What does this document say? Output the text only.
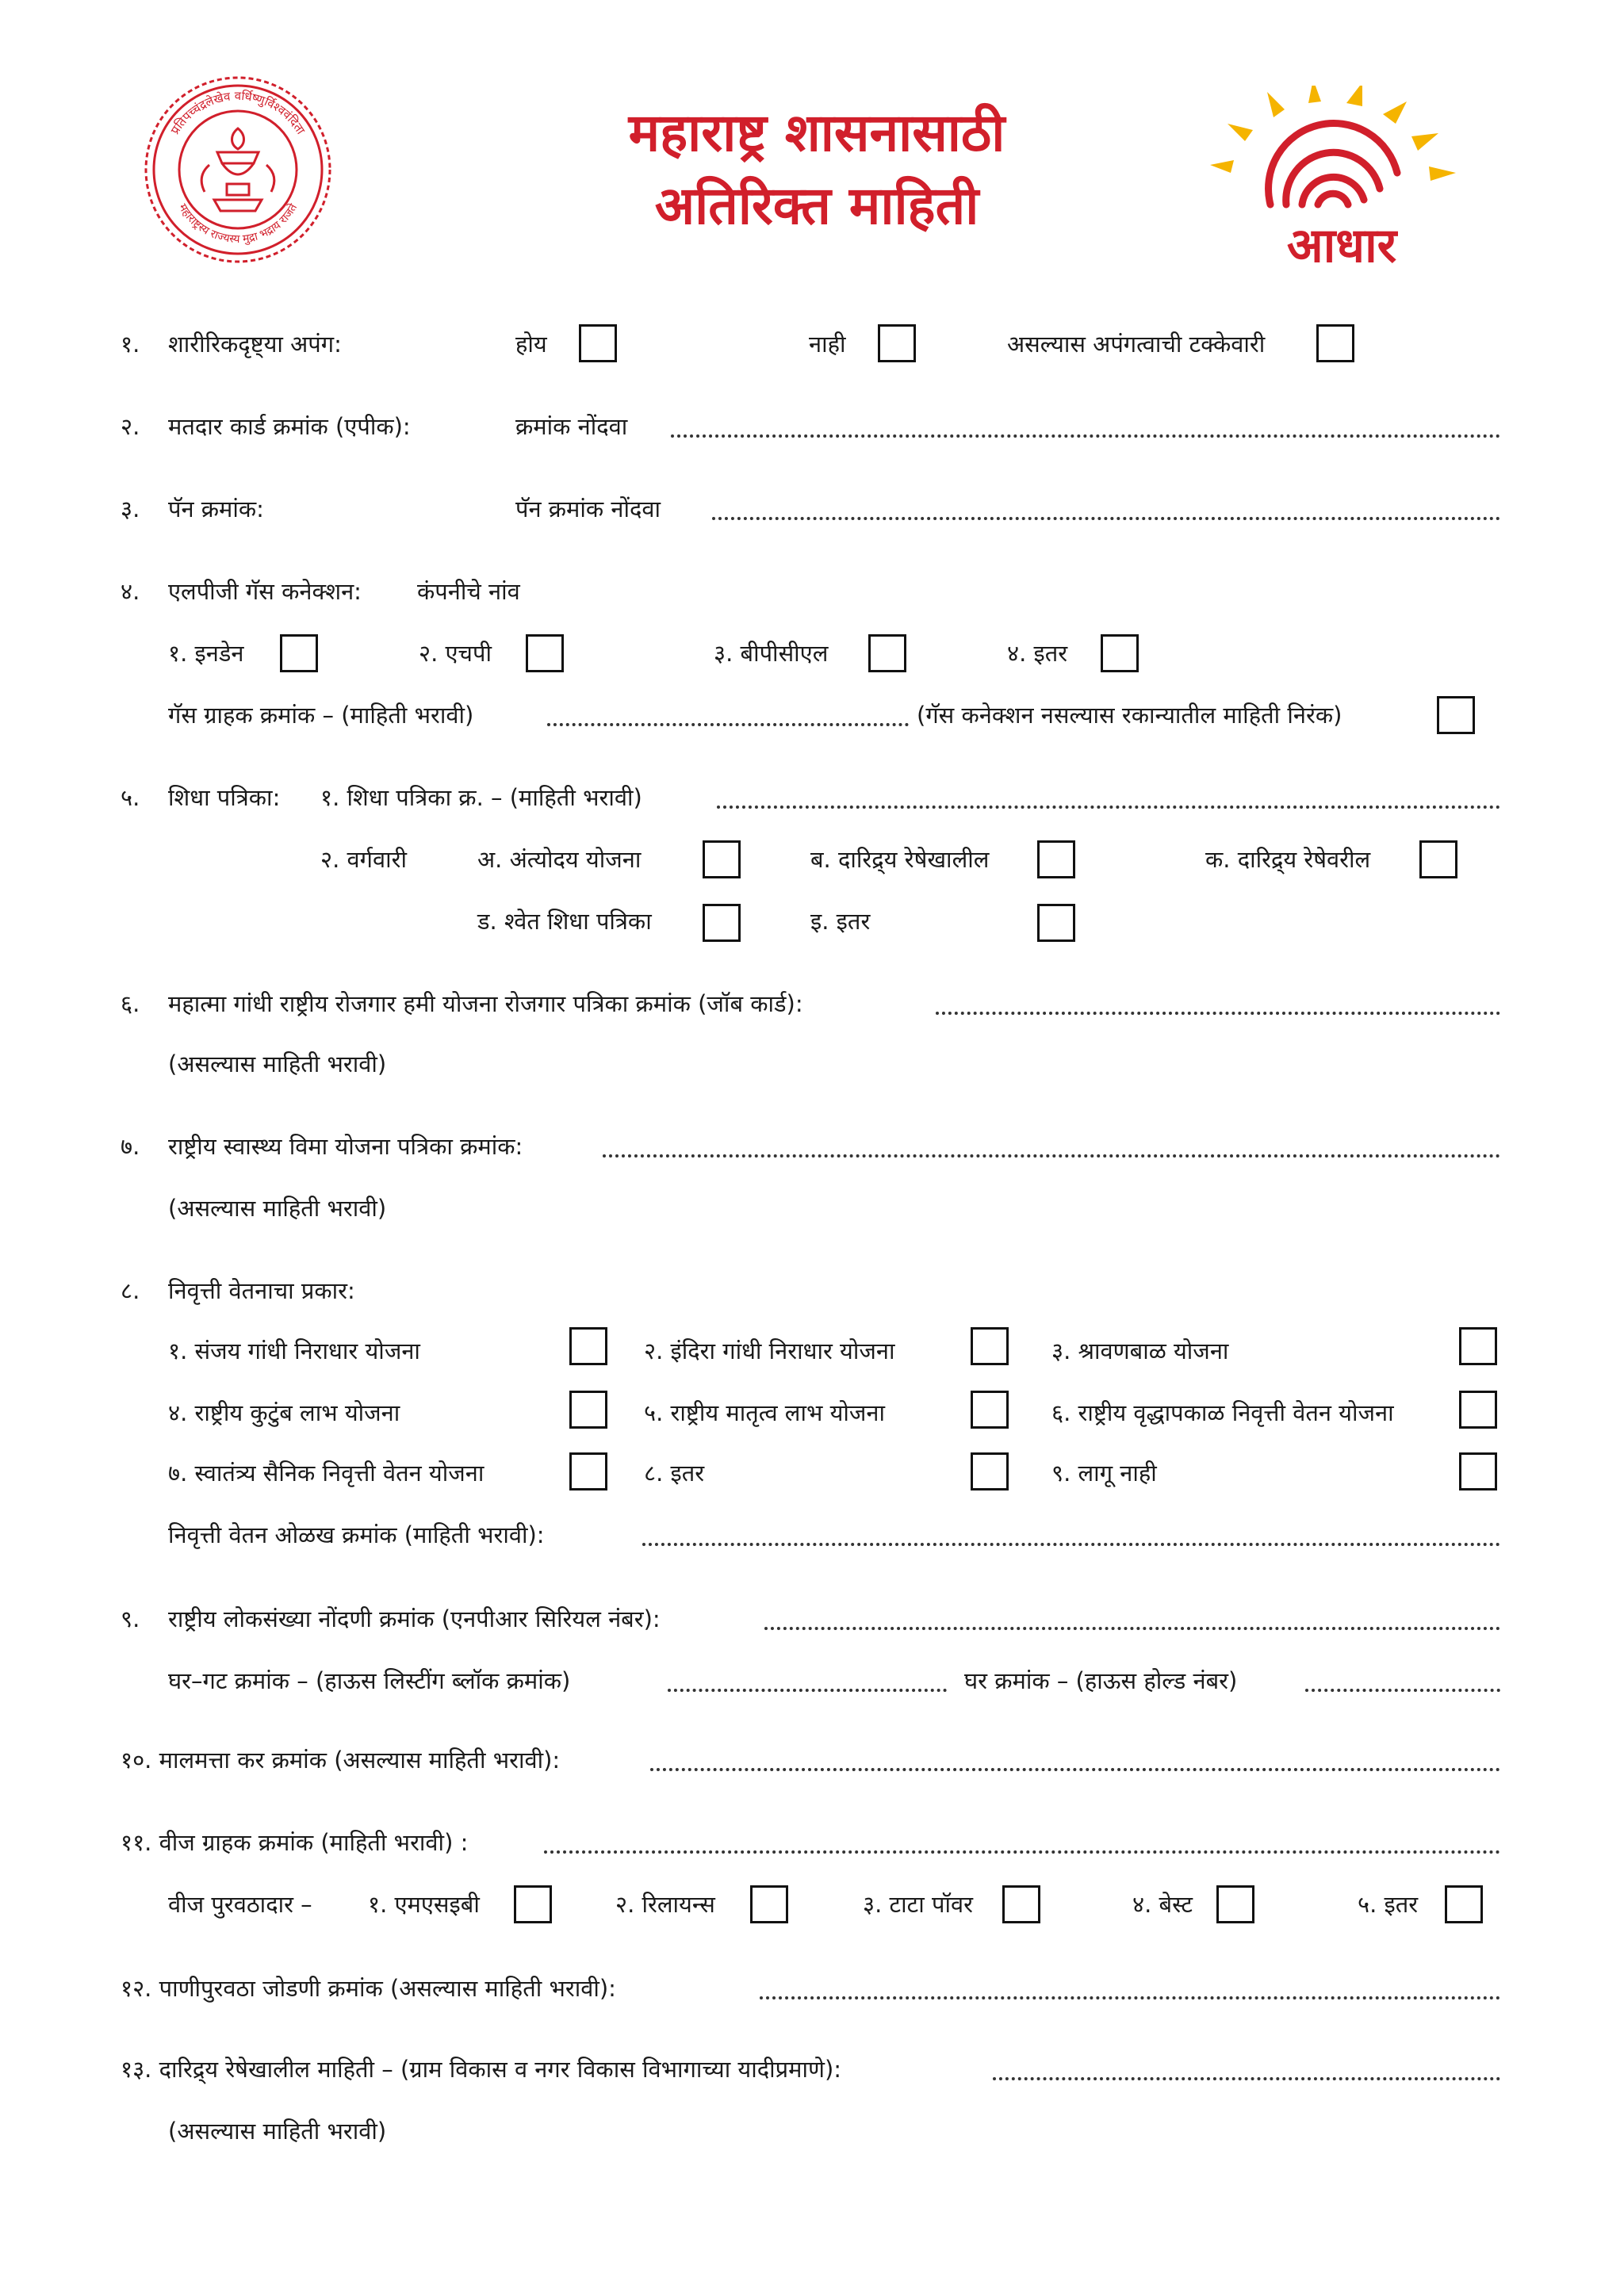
प्रतिपच्चंद्रलेखेव वर्धिष्णुर्विश्ववंदिता
महाराष्ट्रस्य राज्यस्य मुद्रा भद्राय राजते
महाराष्ट्र शासनासाठी
अतिरिक्त माहिती
आधार
१. शारीरिकदृष्ट्या अपंग:	होय	नाही	असल्यास अपंगत्वाची टक्केवारी
२. मतदार कार्ड क्रमांक (एपीक):	क्रमांक नोंदवा
३. पॅन क्रमांक:	पॅन क्रमांक नोंदवा
४. एलपीजी गॅस कनेक्शन: कंपनीचे नांव
१. इनडेन	२. एचपी	३. बीपीसीएल	४. इतर
गॅस ग्राहक क्रमांक – (माहिती भरावी)	(गॅस कनेक्शन नसल्यास रकान्यातील माहिती निरंक)
५. शिधा पत्रिका: १. शिधा पत्रिका क्र. – (माहिती भरावी)
२. वर्गवारी	अ. अंत्योदय योजना	ब. दारिद्र्य रेषेखालील	क. दारिद्र्य रेषेवरील
ड. श्वेत शिधा पत्रिका	इ. इतर
६. महात्मा गांधी राष्ट्रीय रोजगार हमी योजना रोजगार पत्रिका क्रमांक (जॉब कार्ड):
(असल्यास माहिती भरावी)
७. राष्ट्रीय स्वास्थ्य विमा योजना पत्रिका क्रमांक:
(असल्यास माहिती भरावी)
८. निवृत्ती वेतनाचा प्रकार:
१. संजय गांधी निराधार योजना	२. इंदिरा गांधी निराधार योजना	३. श्रावणबाळ योजना
४. राष्ट्रीय कुटुंब लाभ योजना	५. राष्ट्रीय मातृत्व लाभ योजना	६. राष्ट्रीय वृद्धापकाळ निवृत्ती वेतन योजना
७. स्वातंत्र्य सैनिक निवृत्ती वेतन योजना	८. इतर	९. लागू नाही
निवृत्ती वेतन ओळख क्रमांक (माहिती भरावी):
९. राष्ट्रीय लोकसंख्या नोंदणी क्रमांक (एनपीआर सिरियल नंबर):
घर–गट क्रमांक – (हाऊस लिस्टींग ब्लॉक क्रमांक)	घर क्रमांक – (हाऊस होल्ड नंबर)
१०. मालमत्ता कर क्रमांक (असल्यास माहिती भरावी):
११. वीज ग्राहक क्रमांक (माहिती भरावी) :
वीज पुरवठादार – १. एमएसइबी	२. रिलायन्स	३. टाटा पॉवर	४. बेस्ट	५. इतर
१२. पाणीपुरवठा जोडणी क्रमांक (असल्यास माहिती भरावी):
१३. दारिद्र्य रेषेखालील माहिती – (ग्राम विकास व नगर विकास विभागाच्या यादीप्रमाणे):
(असल्यास माहिती भरावी)
